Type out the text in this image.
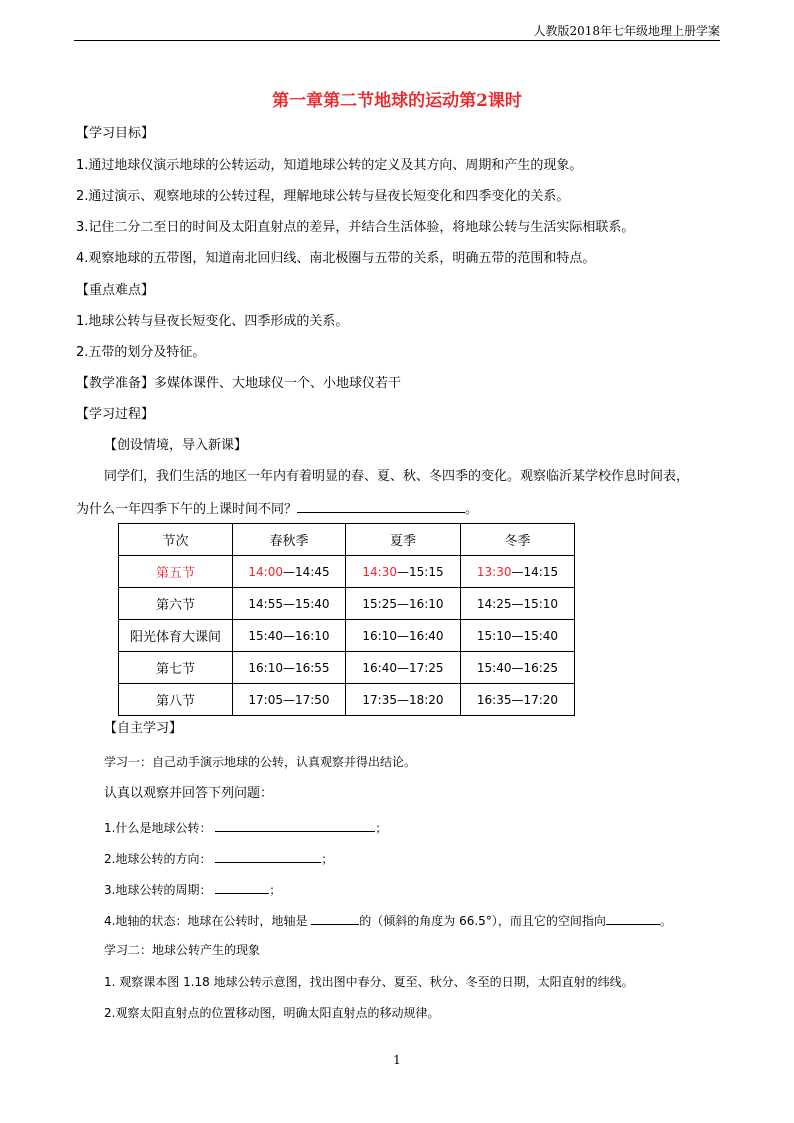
人教版2018年七年级地理上册学案
第一章第二节地球的运动第2课时
【学习目标】
1.通过地球仪演示地球的公转运动，知道地球公转的定义及其方向、周期和产生的现象。
2.通过演示、观察地球的公转过程，理解地球公转与昼夜长短变化和四季变化的关系。
3.记住二分二至日的时间及太阳直射点的差异，并结合生活体验，将地球公转与生活实际相联系。
4.观察地球的五带图，知道南北回归线、南北极圈与五带的关系，明确五带的范围和特点。
【重点难点】
1.地球公转与昼夜长短变化、四季形成的关系。
2.五带的划分及特征。
【教学准备】多媒体课件、大地球仪一个、小地球仪若干
【学习过程】
【创设情境，导入新课】
同学们，我们生活的地区一年内有着明显的春、夏、秋、冬四季的变化。观察临沂某学校作息时间表，
为什么一年四季下午的上课时间不同？	。
节次	春秋季	夏季	冬季
第五节	14:00—14:45	14:30—15:15	13:30—14:15
第六节	14:55—15:40	15:25—16:10	14:25—15:10
阳光体育大课间	15:40—16:10	16:10—16:40	15:10—15:40
第七节	16:10—16:55	16:40—17:25	15:40—16:25
第八节	17:05—17:50	17:35—18:20	16:35—17:20
【自主学习】
学习一：自己动手演示地球的公转，认真观察并得出结论。
认真以观察并回答下列问题：
1.什么是地球公转：	；
2.地球公转的方向：	；
3.地球公转的周期：	；
4.地轴的状态：地球在公转时，地轴是	的（倾斜的角度为 66.5°），而且它的空间指向	。
学习二：地球公转产生的现象
1. 观察课本图 1.18 地球公转示意图，找出图中春分、夏至、秋分、冬至的日期，太阳直射的纬线。
2.观察太阳直射点的位置移动图，明确太阳直射点的移动规律。
1
